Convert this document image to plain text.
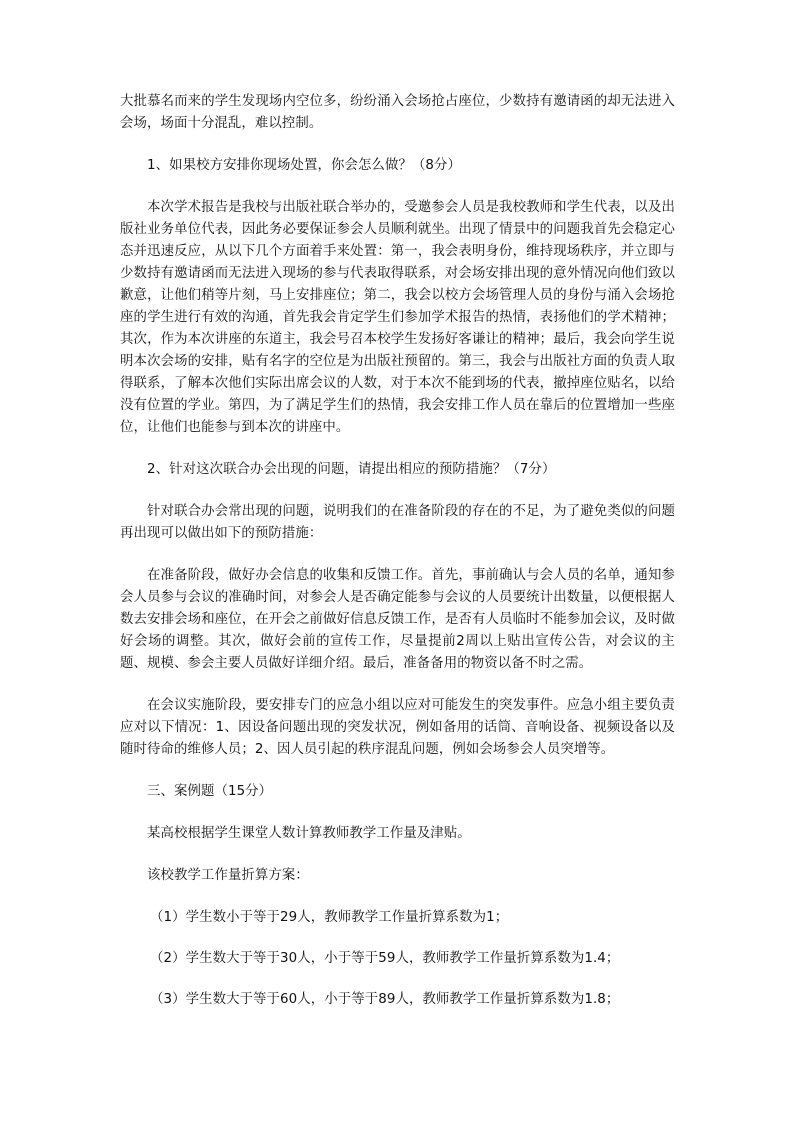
大批慕名而来的学生发现场内空位多，纷纷涌入会场抢占座位，少数持有邀请函的却无法进入会场，场面十分混乱，难以控制。

1、如果校方安排你现场处置，你会怎么做？（8分）

本次学术报告是我校与出版社联合举办的，受邀参会人员是我校教师和学生代表，以及出版社业务单位代表，因此务必要保证参会人员顺利就坐。出现了情景中的问题我首先会稳定心态并迅速反应，从以下几个方面着手来处置：第一，我会表明身份，维持现场秩序，并立即与少数持有邀请函而无法进入现场的参与代表取得联系，对会场安排出现的意外情况向他们致以歉意，让他们稍等片刻，马上安排座位；第二，我会以校方会场管理人员的身份与涌入会场抢座的学生进行有效的沟通，首先我会肯定学生们参加学术报告的热情，表扬他们的学术精神；其次，作为本次讲座的东道主，我会号召本校学生发扬好客谦让的精神；最后，我会向学生说明本次会场的安排，贴有名字的空位是为出版社预留的。第三，我会与出版社方面的负责人取得联系，了解本次他们实际出席会议的人数，对于本次不能到场的代表，撤掉座位贴名，以给没有位置的学业。第四，为了满足学生们的热情，我会安排工作人员在靠后的位置增加一些座位，让他们也能参与到本次的讲座中。

2、针对这次联合办会出现的问题，请提出相应的预防措施？（7分）

针对联合办会常出现的问题，说明我们的在准备阶段的存在的不足，为了避免类似的问题再出现可以做出如下的预防措施：

在准备阶段，做好办会信息的收集和反馈工作。首先，事前确认与会人员的名单，通知参会人员参与会议的准确时间，对参会人是否确定能参与会议的人员要统计出数量，以便根据人数去安排会场和座位，在开会之前做好信息反馈工作，是否有人员临时不能参加会议，及时做好会场的调整。其次，做好会前的宣传工作，尽量提前2周以上贴出宣传公告，对会议的主题、规模、参会主要人员做好详细介绍。最后，准备备用的物资以备不时之需。

在会议实施阶段，要安排专门的应急小组以应对可能发生的突发事件。应急小组主要负责应对以下情况：1、因设备问题出现的突发状况，例如备用的话筒、音响设备、视频设备以及随时待命的维修人员；2、因人员引起的秩序混乱问题，例如会场参会人员突增等。

三、案例题（15分）

某高校根据学生课堂人数计算教师教学工作量及津贴。

该校教学工作量折算方案：

（1）学生数小于等于29人，教师教学工作量折算系数为1；

（2）学生数大于等于30人，小于等于59人，教师教学工作量折算系数为1.4；

（3）学生数大于等于60人，小于等于89人，教师教学工作量折算系数为1.8；
